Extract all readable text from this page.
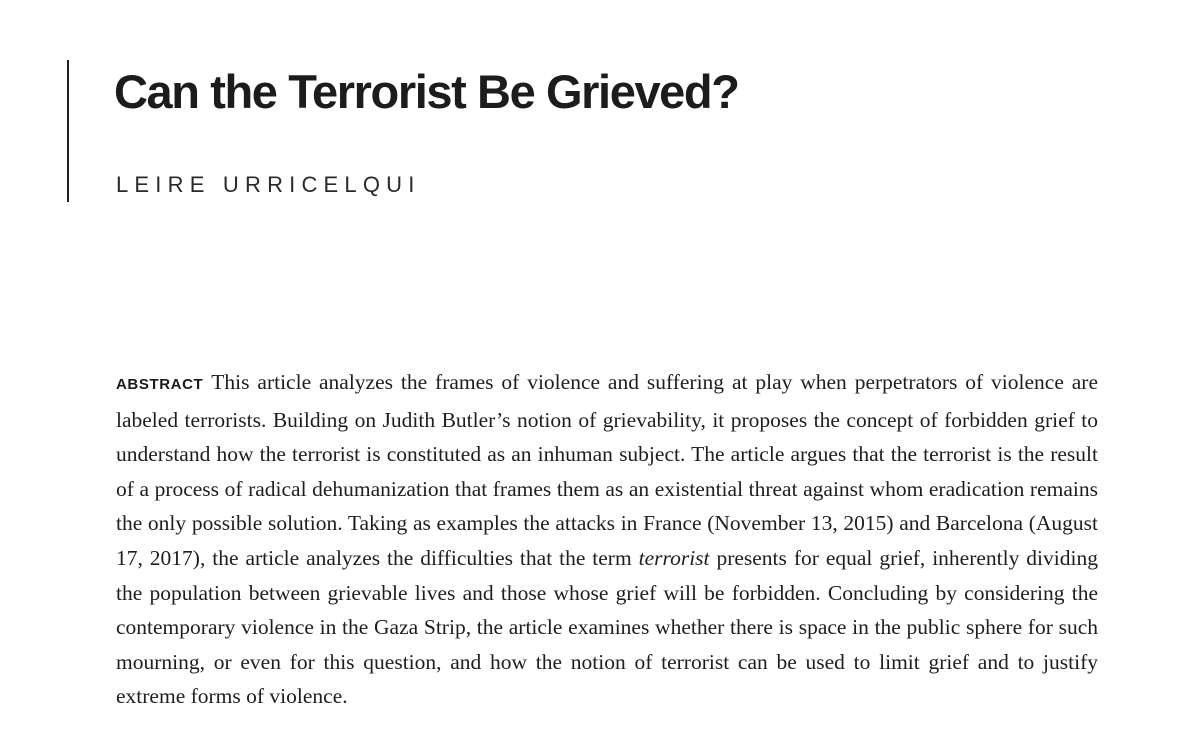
Can the Terrorist Be Grieved?
LEIRE URRICELQUI

ABSTRACT This article analyzes the frames of violence and suffering at play when perpetrators of violence are labeled terrorists. Building on Judith Butler’s notion of grievability, it proposes the concept of forbidden grief to understand how the terrorist is constituted as an inhuman subject. The article argues that the terrorist is the result of a process of radical dehumanization that frames them as an existential threat against whom eradication remains the only possible solution. Taking as examples the attacks in France (November 13, 2015) and Barcelona (August 17, 2017), the article analyzes the difficulties that the term terrorist presents for equal grief, inherently dividing the population between grievable lives and those whose grief will be forbidden. Concluding by considering the contemporary violence in the Gaza Strip, the article examines whether there is space in the public sphere for such mourning, or even for this question, and how the notion of terrorist can be used to limit grief and to justify extreme forms of violence.
